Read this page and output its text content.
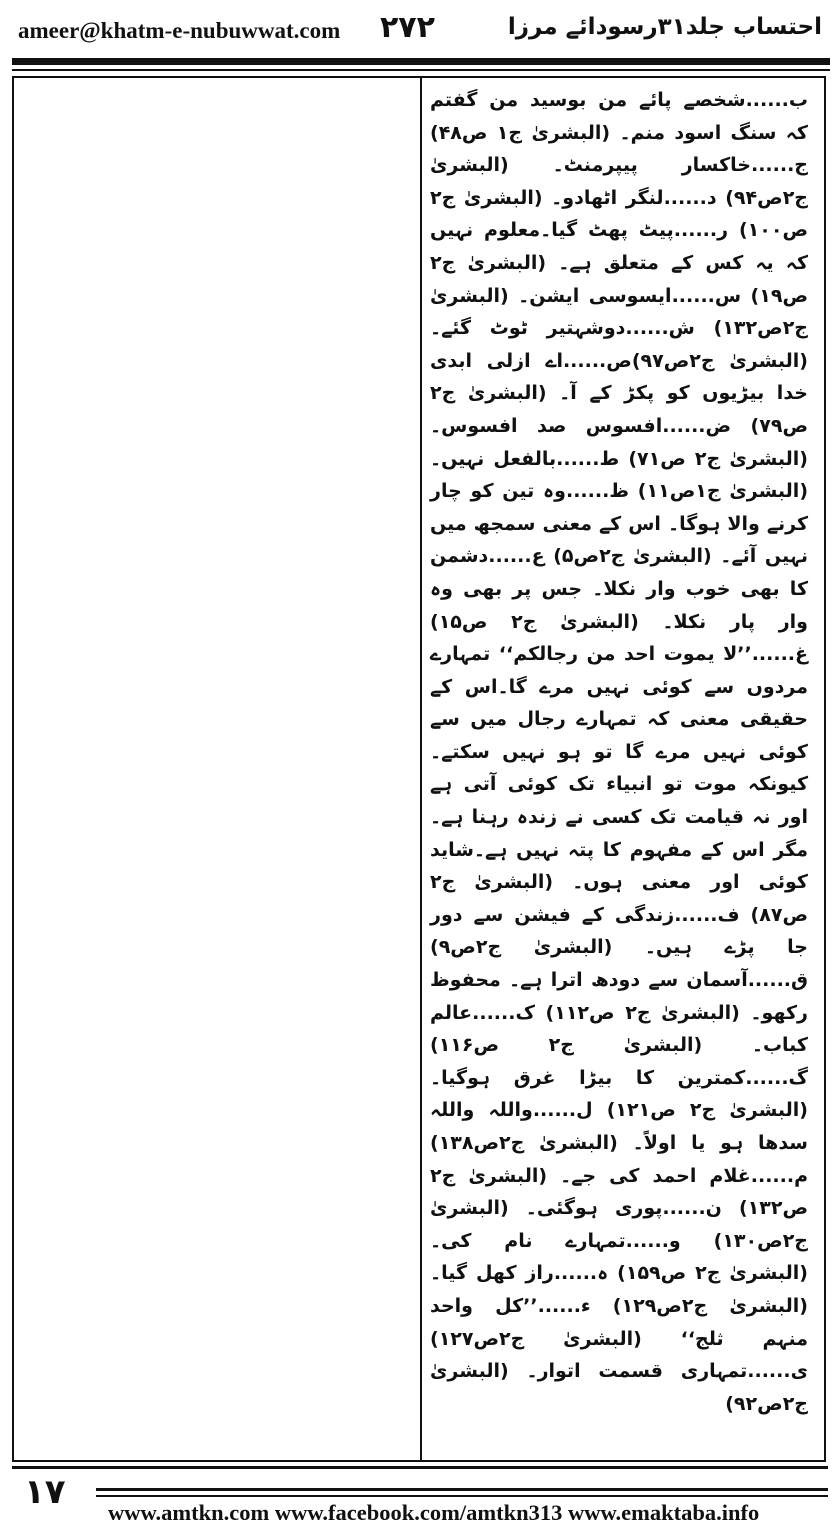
ameer@khatm-e-nubuwwat.com ۲۷۲	احتساب جلد۳۱رسودائے مرزا

ب......شخصے پائے من بوسید من گفتم کہ سنگ اسود منم۔ (البشریٰ ج۱ ص۴۸) ج......خاکسار پیپرمنٹ۔ (البشریٰ ج۲ص۹۴) د......لنگر اٹھادو۔ (البشریٰ ج۲ ص۱۰۰) ر......پیٹ پھٹ گیا۔معلوم نہیں کہ یہ کس کے متعلق ہے۔ (البشریٰ ج۲ ص۱۹) س......ایسوسی ایشن۔ (البشریٰ ج۲ص۱۳۲) ش......دوشہتیر ٹوٹ گئے۔ (البشریٰ ج۲ص۹۷)ص......اے ازلی ابدی خدا بیڑیوں کو پکڑ کے آ۔ (البشریٰ ج۲ ص۷۹) ض......افسوس صد افسوس۔ (البشریٰ ج۲ ص۷۱) ط......بالفعل نہیں۔ (البشریٰ ج۱ص۱۱) ظ......وہ تین کو چار کرنے والا ہوگا۔ اس کے معنی سمجھ میں نہیں آئے۔ (البشریٰ ج۲ص۵) ع......دشمن کا بھی خوب وار نکلا۔ جس پر بھی وہ وار پار نکلا۔ (البشریٰ ج۲ ص۱۵) غ......’’لا یموت احد من رجالکم‘‘ تمہارے مردوں سے کوئی نہیں مرے گا۔اس کے حقیقی معنی کہ تمہارے رجال میں سے کوئی نہیں مرے گا تو ہو نہیں سکتے۔ کیونکہ موت تو انبیاء تک کوئی آتی ہے اور نہ قیامت تک کسی نے زندہ رہنا ہے۔ مگر اس کے مفہوم کا پتہ نہیں ہے۔شاید کوئی اور معنی ہوں۔ (البشریٰ ج۲ ص۸۷) ف......زندگی کے فیشن سے دور جا پڑے ہیں۔ (البشریٰ ج۲ص۹) ق......آسمان سے دودھ اترا ہے۔ محفوظ رکھو۔ (البشریٰ ج۲ ص۱۱۲) ک......عالم کباب۔ (البشریٰ ج۲ ص۱۱۶) گ......کمترین کا بیڑا غرق ہوگیا۔ (البشریٰ ج۲ ص۱۲۱) ل......واللہ واللہ سدھا ہو یا اولاً۔ (البشریٰ ج۲ص۱۳۸) م......غلام احمد کی جے۔ (البشریٰ ج۲ ص۱۳۲) ن......پوری ہوگئی۔ (البشریٰ ج۲ص۱۳۰) و......تمہارے نام کی۔ (البشریٰ ج۲ ص۱۵۹) ہ......راز کھل گیا۔ (البشریٰ ج۲ص۱۲۹) ء......’’کل واحد منہم ثلج‘‘ (البشریٰ ج۲ص۱۲۷) ی......تمہاری قسمت اتوار۔ (البشریٰ ج۲ص۹۲)

۱۷
www.amtkn.com www.facebook.com/amtkn313 www.emaktaba.info
